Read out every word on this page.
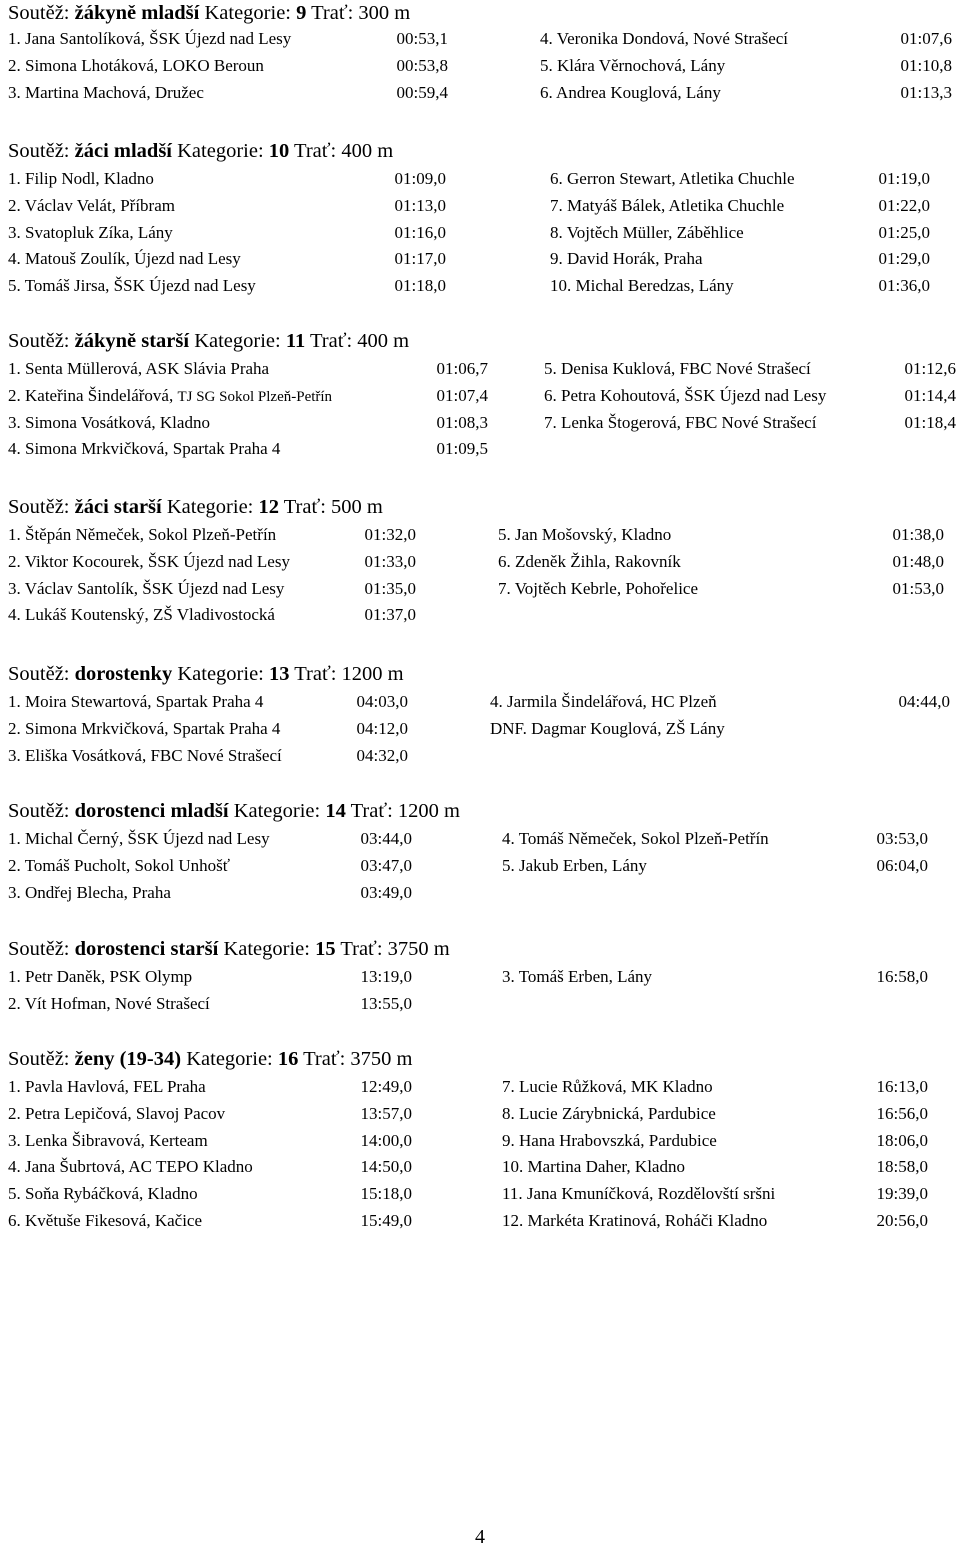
Soutěž: žákyně mladší Kategorie: 9 Trať: 300 m
1. Jana Santolíková, ŠSK Újezd nad Lesy	00:53,1	4. Veronika Dondová, Nové Strašecí	01:07,6
2. Simona Lhotáková, LOKO Beroun	00:53,8	5. Klára Věrnochová, Lány	01:10,8
3. Martina Machová, Družec	00:59,4	6. Andrea Kouglová, Lány	01:13,3
Soutěž: žáci mladší Kategorie: 10 Trať: 400 m
1. Filip Nodl, Kladno	01:09,0	6. Gerron Stewart, Atletika Chuchle	01:19,0
2. Václav Velát, Příbram	01:13,0	7. Matyáš Bálek, Atletika Chuchle	01:22,0
3. Svatopluk Zíka, Lány	01:16,0	8. Vojtěch Müller, Záběhlice	01:25,0
4. Matouš Zoulík, Újezd nad Lesy	01:17,0	9. David Horák, Praha	01:29,0
5. Tomáš Jirsa, ŠSK Újezd nad Lesy	01:18,0	10. Michal Beredzas, Lány	01:36,0
Soutěž: žákyně starší Kategorie: 11 Trať: 400 m
1. Senta Müllerová, ASK Slávia Praha	01:06,7	5. Denisa Kuklová, FBC Nové Strašecí	01:12,6
2. Kateřina Šindelářová, TJ SG Sokol Plzeň-Petřín	01:07,4	6. Petra Kohoutová, ŠSK Újezd nad Lesy	01:14,4
3. Simona Vosátková, Kladno	01:08,3	7. Lenka Štogerová, FBC Nové Strašecí	01:18,4
4. Simona Mrkvičková, Spartak Praha 4	01:09,5
Soutěž: žáci starší Kategorie: 12 Trať: 500 m
1. Štěpán Němeček, Sokol Plzeň-Petřín	01:32,0	5. Jan Mošovský, Kladno	01:38,0
2. Viktor Kocourek, ŠSK Újezd nad Lesy	01:33,0	6. Zdeněk Žihla, Rakovník	01:48,0
3. Václav Santolík, ŠSK Újezd nad Lesy	01:35,0	7. Vojtěch Kebrle, Pohořelice	01:53,0
4. Lukáš Koutenský, ZŠ Vladivostocká	01:37,0
Soutěž: dorostenky Kategorie: 13 Trať: 1200 m
1. Moira Stewartová, Spartak Praha 4	04:03,0	4. Jarmila Šindelářová, HC Plzeň	04:44,0
2. Simona Mrkvičková, Spartak Praha 4	04:12,0	DNF. Dagmar Kouglová, ZŠ Lány
3. Eliška Vosátková, FBC Nové Strašecí	04:32,0
Soutěž: dorostenci mladší Kategorie: 14 Trať: 1200 m
1. Michal Černý, ŠSK Újezd nad Lesy	03:44,0	4. Tomáš Němeček, Sokol Plzeň-Petřín	03:53,0
2. Tomáš Pucholt, Sokol Unhošť	03:47,0	5. Jakub Erben, Lány	06:04,0
3. Ondřej Blecha, Praha	03:49,0
Soutěž: dorostenci starší Kategorie: 15 Trať: 3750 m
1. Petr Daněk, PSK Olymp	13:19,0	3. Tomáš Erben, Lány	16:58,0
2. Vít Hofman, Nové Strašecí	13:55,0
Soutěž: ženy (19-34) Kategorie: 16 Trať: 3750 m
1. Pavla Havlová, FEL Praha	12:49,0	7. Lucie Růžková, MK Kladno	16:13,0
2. Petra Lepičová, Slavoj Pacov	13:57,0	8. Lucie Zárybnická, Pardubice	16:56,0
3. Lenka Šibravová, Kerteam	14:00,0	9. Hana Hrabovszká, Pardubice	18:06,0
4. Jana Šubrtová, AC TEPO Kladno	14:50,0	10. Martina Daher, Kladno	18:58,0
5. Soňa Rybáčková, Kladno	15:18,0	11. Jana Kmuníčková, Rozdělovští sršni	19:39,0
6. Květuše Fikesová, Kačice	15:49,0	12. Markéta Kratinová, Roháči Kladno	20:56,0
4
